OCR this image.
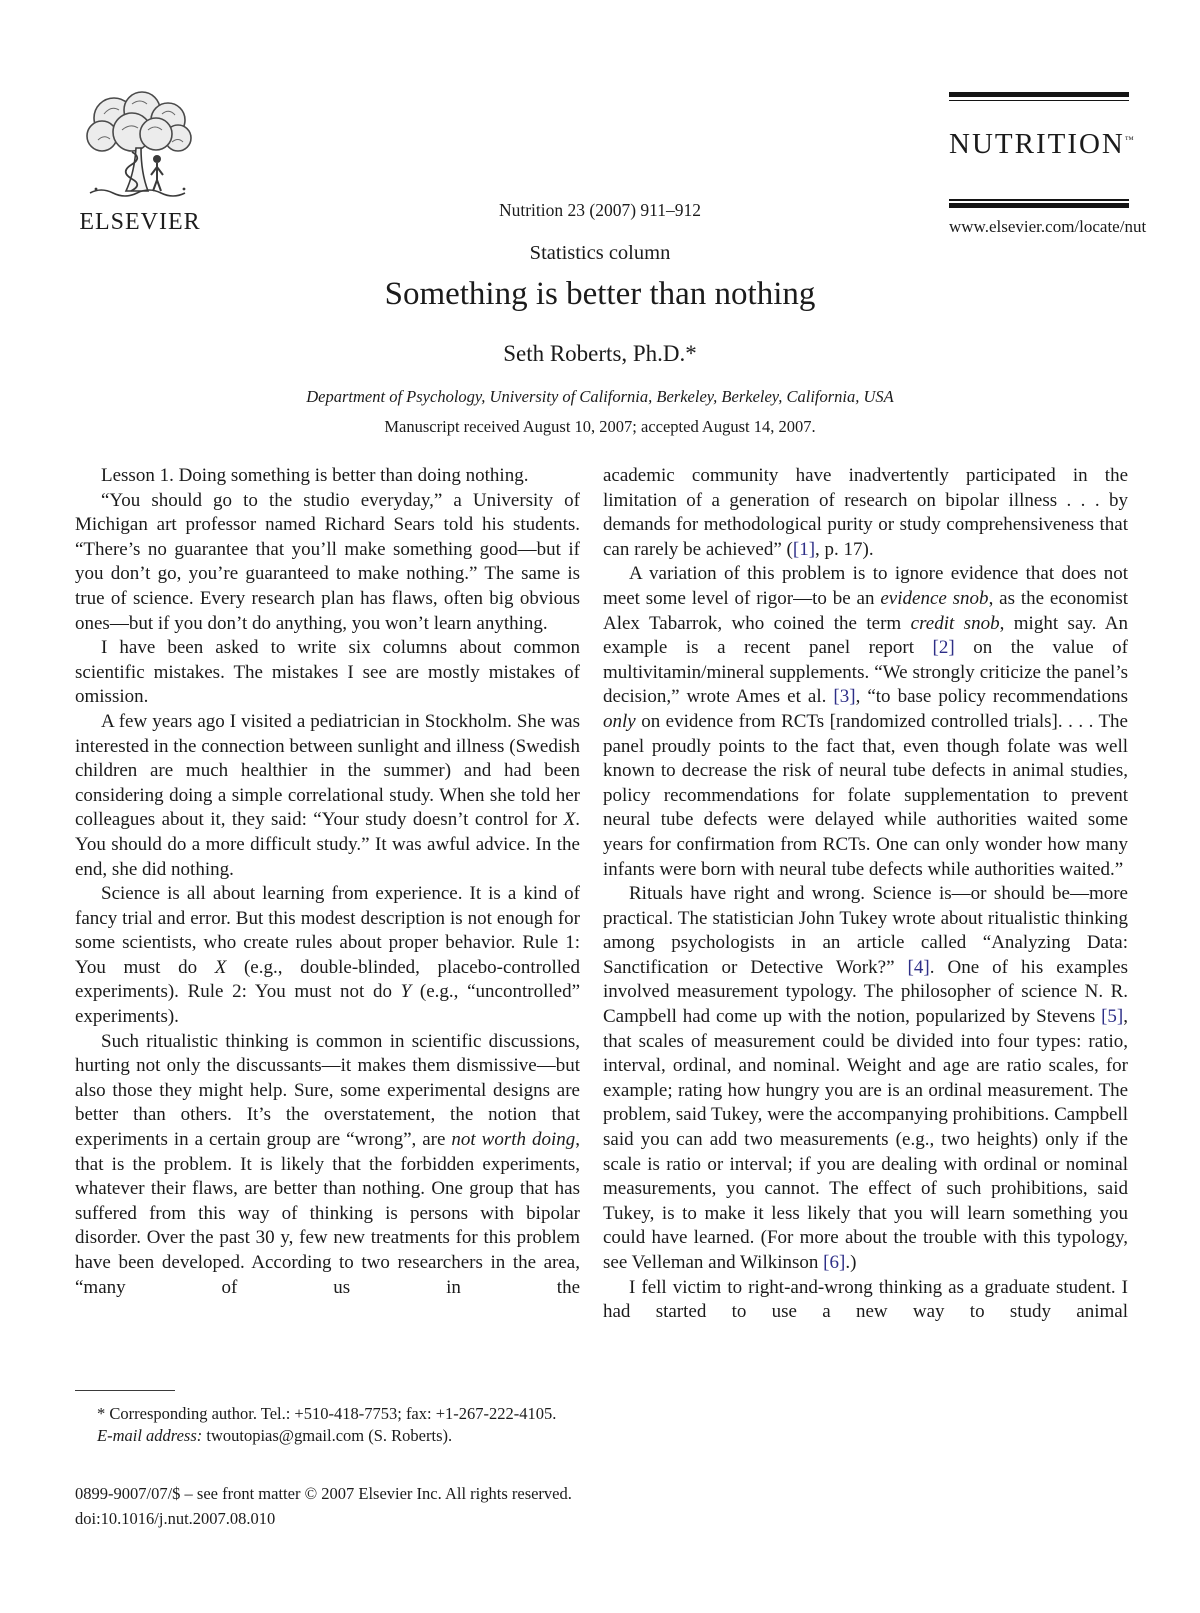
ELSEVIER	Nutrition 23 (2007) 911–912
NUTRITION™
www.elsevier.com/locate/nut
Statistics column
Something is better than nothing
Seth Roberts, Ph.D.*
Department of Psychology, University of California, Berkeley, Berkeley, California, USA
Manuscript received August 10, 2007; accepted August 14, 2007.

Lesson 1. Doing something is better than doing nothing.

“You should go to the studio everyday,” a University of Michigan art professor named Richard Sears told his students. “There’s no guarantee that you’ll make something good—but if you don’t go, you’re guaranteed to make nothing.” The same is true of science. Every research plan has flaws, often big obvious ones—but if you don’t do anything, you won’t learn anything.

I have been asked to write six columns about common scientific mistakes. The mistakes I see are mostly mistakes of omission.

A few years ago I visited a pediatrician in Stockholm. She was interested in the connection between sunlight and illness (Swedish children are much healthier in the summer) and had been considering doing a simple correlational study. When she told her colleagues about it, they said: “Your study doesn’t control for X. You should do a more difficult study.” It was awful advice. In the end, she did nothing.

Science is all about learning from experience. It is a kind of fancy trial and error. But this modest description is not enough for some scientists, who create rules about proper behavior. Rule 1: You must do X (e.g., double-blinded, placebo-controlled experiments). Rule 2: You must not do Y (e.g., “uncontrolled” experiments).

Such ritualistic thinking is common in scientific discussions, hurting not only the discussants—it makes them dismissive—but also those they might help. Sure, some experimental designs are better than others. It’s the overstatement, the notion that experiments in a certain group are “wrong”, are not worth doing, that is the problem. It is likely that the forbidden experiments, whatever their flaws, are better than nothing. One group that has suffered from this way of thinking is persons with bipolar disorder. Over the past 30 y, few new treatments for this problem have been developed. According to two researchers in the area, “many of us in the

academic community have inadvertently participated in the limitation of a generation of research on bipolar illness . . . by demands for methodological purity or study comprehensiveness that can rarely be achieved” ([1], p. 17).

A variation of this problem is to ignore evidence that does not meet some level of rigor—to be an evidence snob, as the economist Alex Tabarrok, who coined the term credit snob, might say. An example is a recent panel report [2] on the value of multivitamin/mineral supplements. “We strongly criticize the panel’s decision,” wrote Ames et al. [3], “to base policy recommendations only on evidence from RCTs [randomized controlled trials]. . . . The panel proudly points to the fact that, even though folate was well known to decrease the risk of neural tube defects in animal studies, policy recommendations for folate supplementation to prevent neural tube defects were delayed while authorities waited some years for confirmation from RCTs. One can only wonder how many infants were born with neural tube defects while authorities waited.”

Rituals have right and wrong. Science is—or should be—more practical. The statistician John Tukey wrote about ritualistic thinking among psychologists in an article called “Analyzing Data: Sanctification or Detective Work?” [4]. One of his examples involved measurement typology. The philosopher of science N. R. Campbell had come up with the notion, popularized by Stevens [5], that scales of measurement could be divided into four types: ratio, interval, ordinal, and nominal. Weight and age are ratio scales, for example; rating how hungry you are is an ordinal measurement. The problem, said Tukey, were the accompanying prohibitions. Campbell said you can add two measurements (e.g., two heights) only if the scale is ratio or interval; if you are dealing with ordinal or nominal measurements, you cannot. The effect of such prohibitions, said Tukey, is to make it less likely that you will learn something you could have learned. (For more about the trouble with this typology, see Velleman and Wilkinson [6].)

I fell victim to right-and-wrong thinking as a graduate student. I had started to use a new way to study animal

* Corresponding author. Tel.: +510-418-7753; fax: +1-267-222-4105.

E-mail address: twoutopias@gmail.com (S. Roberts).

0899-9007/07/$ – see front matter © 2007 Elsevier Inc. All rights reserved.
doi:10.1016/j.nut.2007.08.010
